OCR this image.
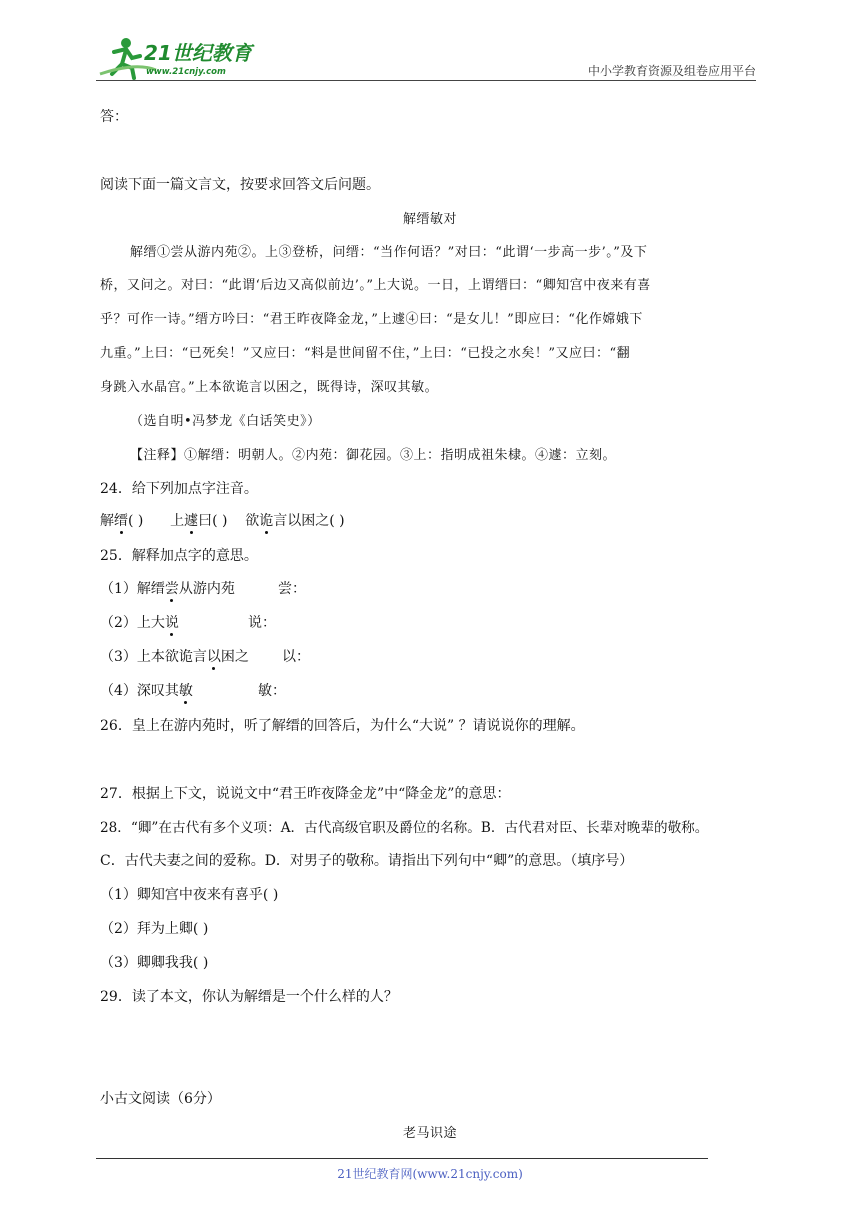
21世纪教育
www.21cnjy.com	中小学教育资源及组卷应用平台
答：
阅读下面一篇文言文，按要求回答文后问题。
解缙敏对
解缙①尝从游内苑②。上③登桥，问缙：“当作何语？”对曰：“此谓‘一步高一步’。”及下
桥，又问之。对曰：“此谓‘后边又高似前边’。”上大说。一日，上谓缙曰：“卿知宫中夜来有喜
乎？可作一诗。”缙方吟曰：“君王昨夜降金龙，”上遽④曰：“是女儿！”即应曰：“化作嫦娥下
九重。”上曰：“已死矣！”又应曰：“料是世间留不住，”上曰：“已投之水矣！”又应曰：“翻
身跳入水晶宫。”上本欲诡言以困之，既得诗，深叹其敏。
（选自明•冯梦龙《白话笑史》）
【注释】①解缙：明朝人。②内苑：御花园。③上：指明成祖朱棣。④遽：立刻。
24．给下列加点字注音。
解缙( ) 上遽曰( ) 欲诡言以困之( )
25．解释加点字的意思。
（1）解缙尝从游内苑	尝：
（2）上大说	说：
（3）上本欲诡言以困之 以：
（4）深叹其敏	敏：
26．皇上在游内苑时，听了解缙的回答后，为什么“大说” ？请说说你的理解。
27．根据上下文，说说文中“君王昨夜降金龙”中“降金龙”的意思：
28．“卿”在古代有多个义项：A．古代高级官职及爵位的名称。B．古代君对臣、长辈对晚辈的敬称。
C．古代夫妻之间的爱称。D．对男子的敬称。请指出下列句中“卿”的意思。（填序号）
（1）卿知宫中夜来有喜乎( )
（2）拜为上卿( )
（3）卿卿我我( )
29．读了本文，你认为解缙是一个什么样的人？
小古文阅读（6分）
老马识途
21世纪教育网(www.21cnjy.com)
